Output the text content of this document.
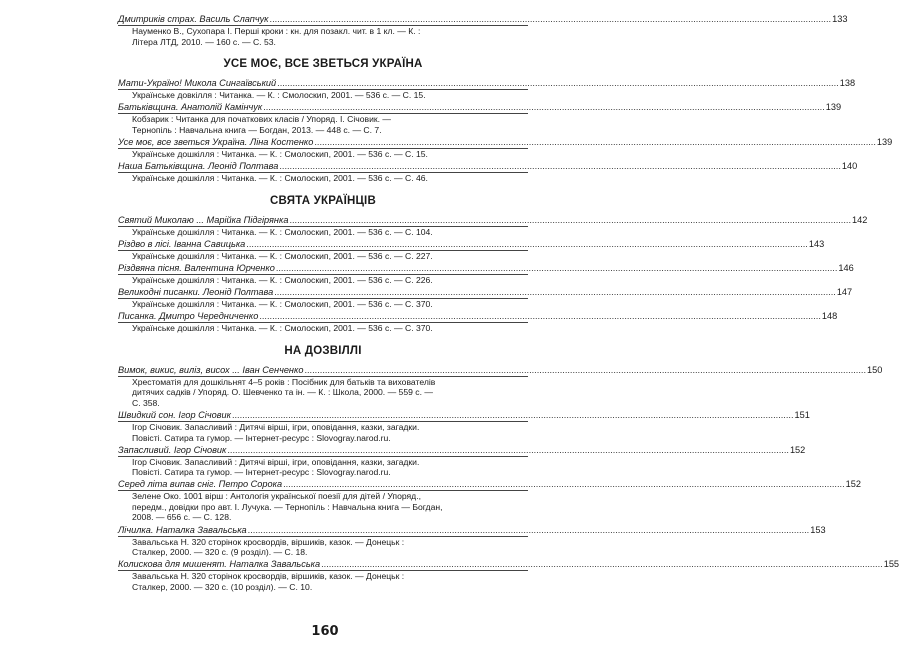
Дмитриків страх. Василь Слапчук ............................................................................................................................................................................................................................ 133
Науменко В., Сухопара І. Перші кроки : кн. для позакл. чит. в 1 кл. — К. :
Літера ЛТД, 2010. — 160 с. — С. 53.
УСЕ МОЄ, ВСЕ ЗВЕТЬСЯ УКРАЇНА
Мати-Україно! Микола Сингаївський ............................................................................................................................................................................................................................ 138
Українське довкілля : Читанка. — К. : Смолоскип, 2001. — 536 с. — С. 15.
Батьківщина. Анатолій Камінчук ............................................................................................................................................................................................................................ 139
Кобзарик : Читанка для початкових класів / Упоряд. І. Січовик. —
Тернопіль : Навчальна книга — Богдан, 2013. — 448 с. — С. 7.
Усе моє, все зветься Україна. Ліна Костенко ............................................................................................................................................................................................................................ 139
Українське дошкілля : Читанка. — К. : Смолоскип, 2001. — 536 с. — С. 15.
Наша Батьківщина. Леонід Полтава ............................................................................................................................................................................................................................ 140
Українське дошкілля : Читанка. — К. : Смолоскип, 2001. — 536 с. — С. 46.
СВЯТА УКРАЇНЦІВ
Святий Миколаю ... Марійка Підгірянка ............................................................................................................................................................................................................................ 142
Українське дошкілля : Читанка. — К. : Смолоскип, 2001. — 536 с. — С. 104.
Різдво в лісі. Іванна Савицька ............................................................................................................................................................................................................................ 143
Українське дошкілля : Читанка. — К. : Смолоскип, 2001. — 536 с. — С. 227.
Різдвяна пісня. Валентина Юрченко ............................................................................................................................................................................................................................ 146
Українське дошкілля : Читанка. — К. : Смолоскип, 2001. — 536 с. — С. 226.
Великодні писанки. Леонід Полтава ............................................................................................................................................................................................................................ 147
Українське дошкілля : Читанка. — К. : Смолоскип, 2001. — 536 с. — С. 370.
Писанка. Дмитро Чередниченко ............................................................................................................................................................................................................................ 148
Українське дошкілля : Читанка. — К. : Смолоскип, 2001. — 536 с. — С. 370.
НА ДОЗВІЛЛІ
Вимок, викис, виліз, висох ... Іван Сенченко ............................................................................................................................................................................................................................ 150
Хрестоматія для дошкільнят 4–5 років : Посібник для батьків та вихователів
дитячих садків / Упоряд. О. Шевченко та ін. — К. : Школа, 2000. — 559 с. —
С. 358.
Швидкий сон. Ігор Січовик ............................................................................................................................................................................................................................ 151
Ігор Січовик. Запасливий : Дитячі вірші, ігри, оповідання, казки, загадки.
Повісті. Сатира та гумор. — Інтернет-ресурс : Slovogray.narod.ru.
Запасливий. Ігор Січовик ............................................................................................................................................................................................................................ 152
Ігор Січовик. Запасливий : Дитячі вірші, ігри, оповідання, казки, загадки.
Повісті. Сатира та гумор. — Інтернет-ресурс : Slovogray.narod.ru.
Серед літа випав сніг. Петро Сорока ............................................................................................................................................................................................................................ 152
Зелене Око. 1001 вірш : Антологія української поезії для дітей / Упоряд.,
передм., довідки про авт. І. Лучука. — Тернопіль : Навчальна книга — Богдан,
2008. — 656 с. — С. 128.
Лічилка. Наталка Завальська ............................................................................................................................................................................................................................ 153
Завальська Н. 320 сторінок кросвордів, віршиків, казок. — Донецьк :
Сталкер, 2000. — 320 с. (9 розділ). — С. 18.
Колискова для мишенят. Наталка Завальська ............................................................................................................................................................................................................................ 155
Завальська Н. 320 сторінок кросвордів, віршиків, казок. — Донецьк :
Сталкер, 2000. — 320 с. (10 розділ). — С. 10.
160
